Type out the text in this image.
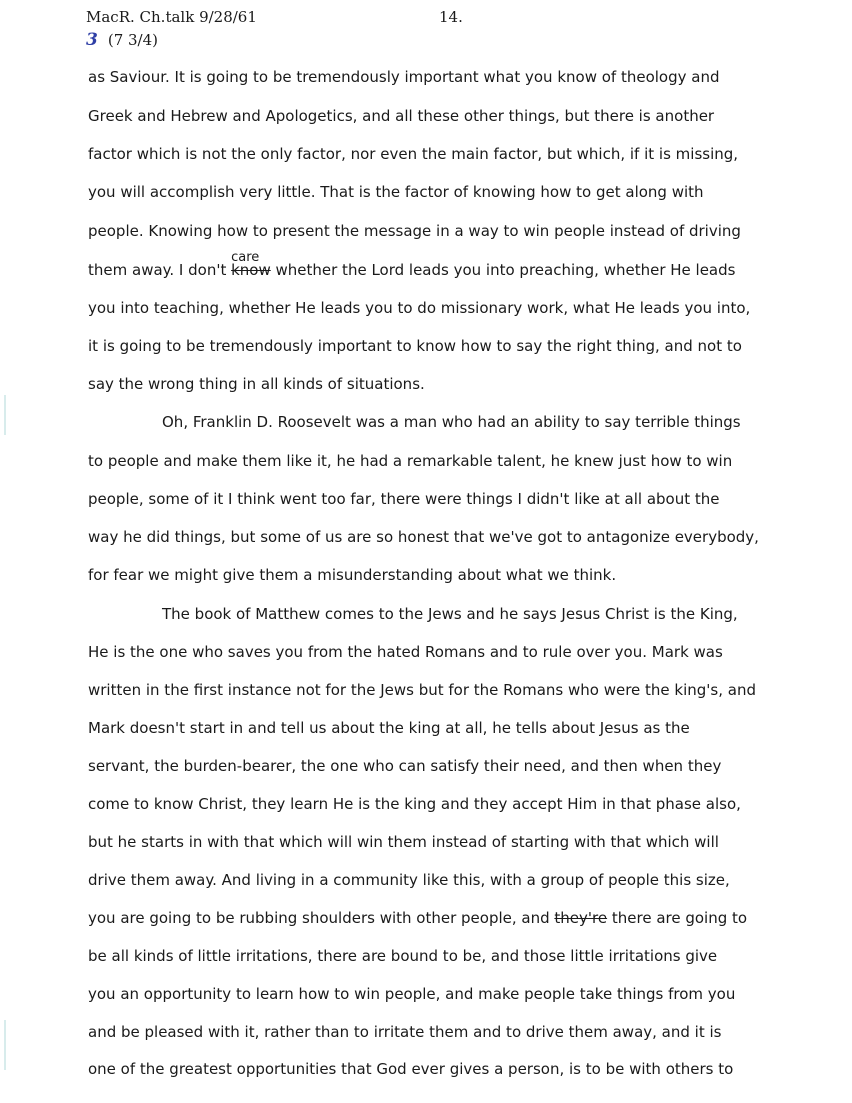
MacR. Ch.talk 9/28/61	14.
3 (7 3/4)
as Saviour. It is going to be tremendously important what you know of theology and
Greek and Hebrew and Apologetics, and all these other things, but there is another
factor which is not the only factor, nor even the main factor, but which, if it is missing,
you will accomplish very little. That is the factor of knowing how to get along with
people. Knowing how to present the message in a way to win people instead of driving
them away. I don't
care
know whether the Lord leads you into preaching, whether He leads
you into teaching, whether He leads you to do missionary work, what He leads you into,
it is going to be tremendously important to know how to say the right thing, and not to
say the wrong thing in all kinds of situations.
Oh, Franklin D. Roosevelt was a man who had an ability to say terrible things
to people and make them like it, he had a remarkable talent, he knew just how to win
people, some of it I think went too far, there were things I didn't like at all about the
way he did things, but some of us are so honest that we've got to antagonize everybody,
for fear we might give them a misunderstanding about what we think.
The book of Matthew comes to the Jews and he says Jesus Christ is the King,
He is the one who saves you from the hated Romans and to rule over you. Mark was
written in the first instance not for the Jews but for the Romans who were the king's, and
Mark doesn't start in and tell us about the king at all, he tells about Jesus as the
servant, the burden-bearer, the one who can satisfy their need, and then when they
come to know Christ, they learn He is the king and they accept Him in that phase also,
but he starts in with that which will win them instead of starting with that which will
drive them away. And living in a community like this, with a group of people this size,
you are going to be rubbing shoulders with other people, and they're there are going to
be all kinds of little irritations, there are bound to be, and those little irritations give
you an opportunity to learn how to win people, and make people take things from you
and be pleased with it, rather than to irritate them and to drive them away, and it is
one of the greatest opportunities that God ever gives a person, is to be with others to
